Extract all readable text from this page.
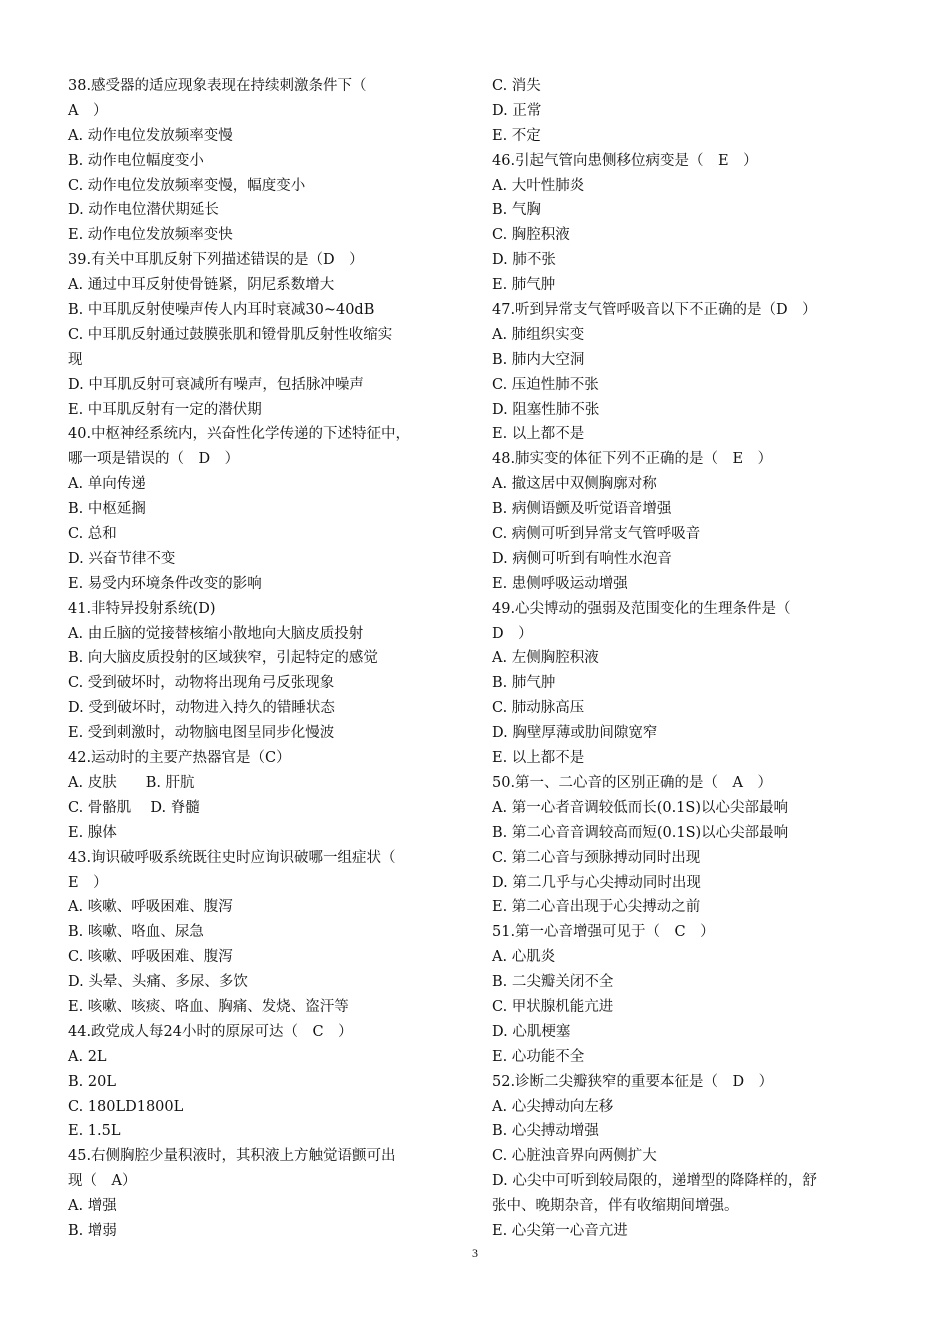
38.感受器的适应现象表现在持续刺激条件下（
A　）
A. 动作电位发放频率变慢
B. 动作电位幅度变小
C. 动作电位发放频率变慢，幅度变小
D. 动作电位潜伏期延长
E. 动作电位发放频率变快
39.有关中耳肌反射下列描述错误的是（D　）
A. 通过中耳反射使骨链紧，阴尼系数增大
B. 中耳肌反射使噪声传人内耳时衰减30~40dB
C. 中耳肌反射通过鼓膜张肌和镫骨肌反射性收缩实
现
D. 中耳肌反射可衰减所有噪声，包括脉冲噪声
E. 中耳肌反射有一定的潜伏期
40.中枢神经系统内，兴奋性化学传递的下述特征中，
哪一项是错误的（　D　）
A. 单向传递
B. 中枢延搁
C. 总和
D. 兴奋节律不变
E. 易受内环境条件改变的影响
41.非特异投射系统(D)
A. 由丘脑的觉接替核缩小散地向大脑皮质投射
B. 向大脑皮质投射的区域狭窄，引起特定的感觉
C. 受到破坏时，动物将出现角弓反张现象
D. 受到破坏时，动物进入持久的错睡状态
E. 受到刺激时，动物脑电图呈同步化慢波
42.运动时的主要产热器官是（C）
A. 皮肤　　B. 肝肮
C. 骨骼肌　 D. 脊髓
E. 腺体
43.询识破呼吸系统既往史时应询识破哪一组症状（
E　）
A. 咳嗽、呼吸困难、腹泻
B. 咳嗽、咯血、尿急
C. 咳嗽、呼吸困难、腹泻
D. 头晕、头痛、多尿、多饮
E. 咳嗽、咳痰、咯血、胸痛、发烧、盗汗等
44.政党成人每24小时的原尿可达（　C　）
A. 2L
B. 20L
C. 180LD1800L
E. 1.5L
45.右侧胸腔少量积液时，其积液上方触觉语颤可出
现（　A）
A. 增强
B. 增弱
C. 消失
D. 正常
E. 不定
46.引起气管向患侧移位病变是（　E　）
A. 大叶性肺炎
B. 气胸
C. 胸腔积液
D. 肺不张
E. 肺气肿
47.听到异常支气管呼吸音以下不正确的是（D　）
A. 肺组织实变
B. 肺内大空洞
C. 压迫性肺不张
D. 阻塞性肺不张
E. 以上都不是
48.肺实变的体征下列不正确的是（　E　）
A. 撤这居中双侧胸廓对称
B. 病侧语颤及听觉语音增强
C. 病侧可听到异常支气管呼吸音
D. 病侧可听到有响性水泡音
E. 患侧呼吸运动增强
49.心尖博动的强弱及范围变化的生理条件是（
D　）
A. 左侧胸腔积液
B. 肺气肿
C. 肺动脉高压
D. 胸壁厚薄或肋间隙宽窄
E. 以上都不是
50.第一、二心音的区别正确的是（　A　）
A. 第一心者音调较低而长(0.1S)以心尖部最响
B. 第二心音音调较高而短(0.1S)以心尖部最响
C. 第二心音与颈脉搏动同时出现
D. 第二几乎与心尖搏动同时出现
E. 第二心音出现于心尖搏动之前
51.第一心音增强可见于（　C　）
A. 心肌炎
B. 二尖瓣关闭不全
C. 甲状腺机能亢进
D. 心肌梗塞
E. 心功能不全
52.诊断二尖瓣狭窄的重要本征是（　D　）
A. 心尖搏动向左移
B. 心尖搏动增强
C. 心脏浊音界向两侧扩大
D. 心尖中可听到较局限的，递增型的降降样的，舒
张中、晚期杂音，伴有收缩期间增强。
E. 心尖第一心音亢进
3
